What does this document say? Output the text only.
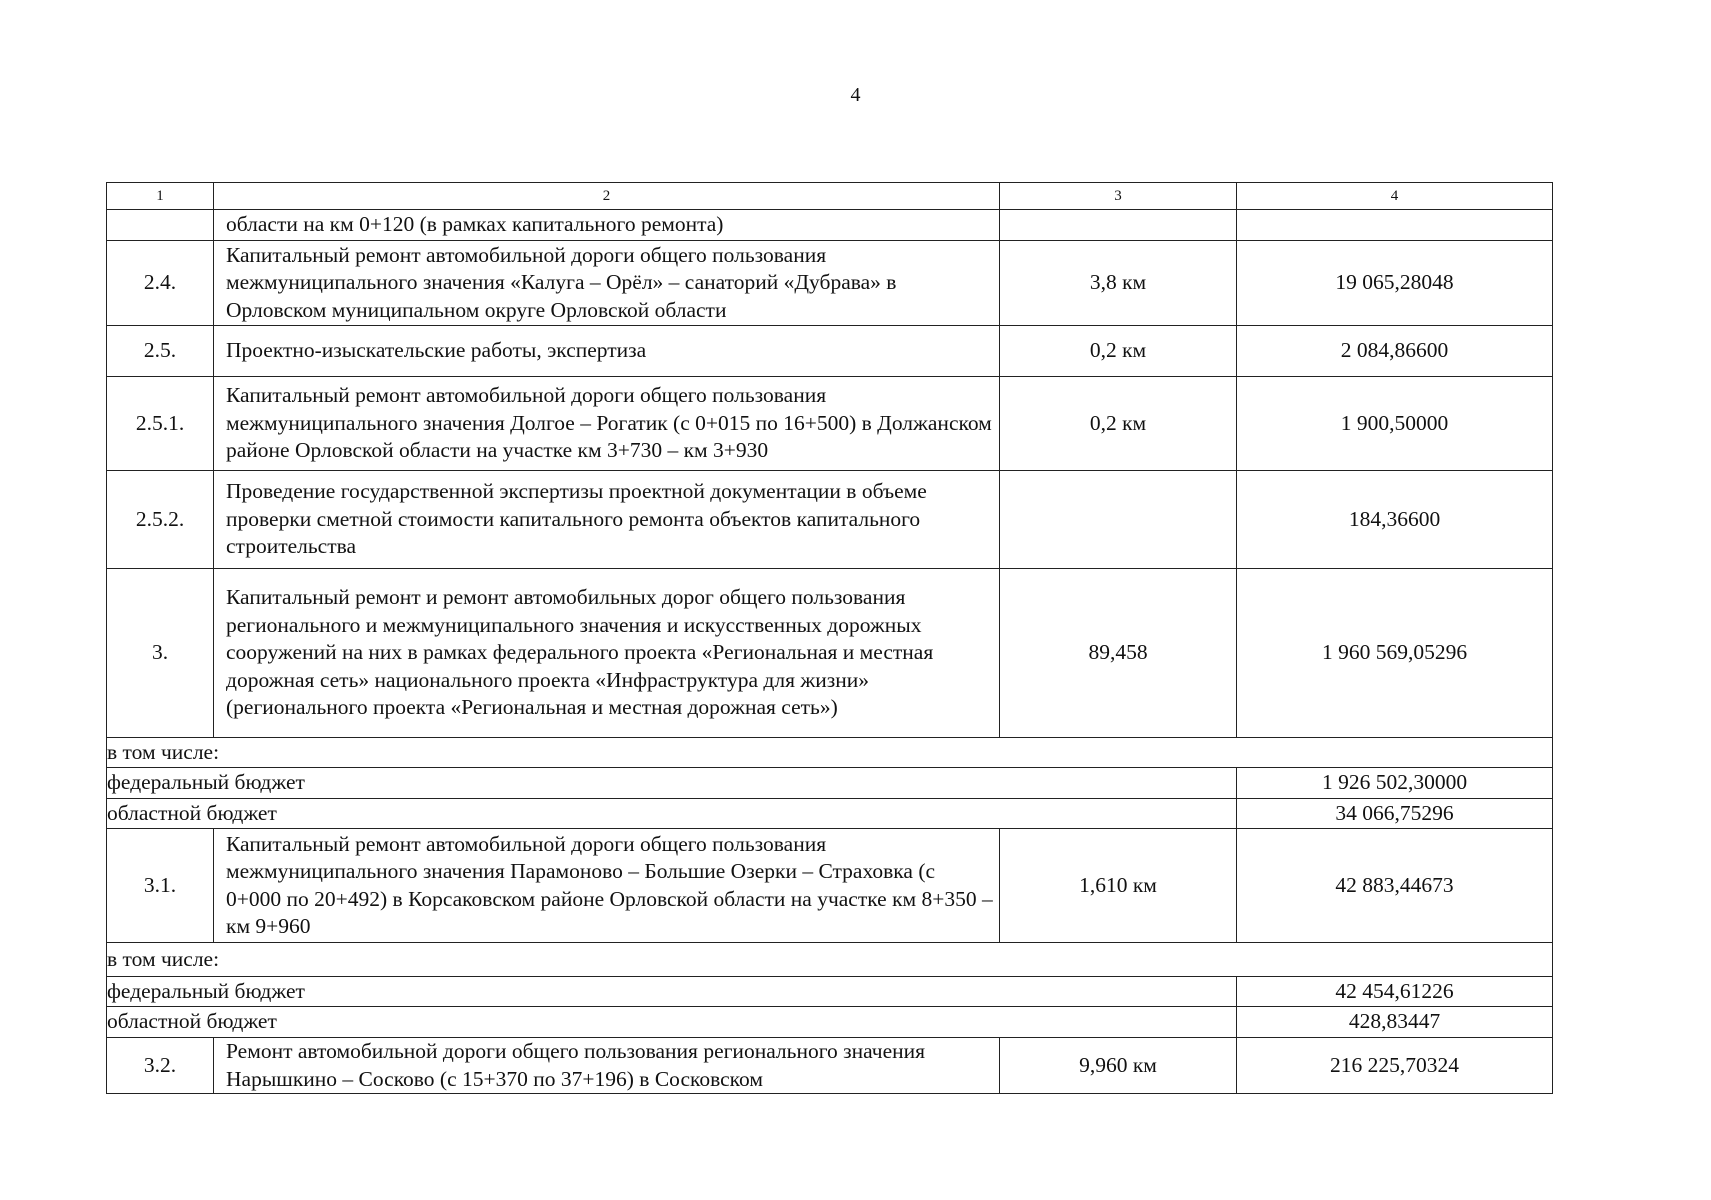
4
1	2	3	4
	области на км 0+120 (в рамках капитального ремонта)		
2.4.	Капитальный ремонт автомобильной дороги общего пользования межмуниципального значения «Калуга – Орёл» – санаторий «Дубрава» в Орловском муниципальном округе Орловской области	3,8 км	19 065,28048
2.5.	Проектно-изыскательские работы, экспертиза	0,2 км	2 084,86600
2.5.1.	Капитальный ремонт автомобильной дороги общего пользования межмуниципального значения Долгое – Рогатик (с 0+015 по 16+500) в Должанском районе Орловской области на участке км 3+730 – км 3+930	0,2 км	1 900,50000
2.5.2.	Проведение государственной экспертизы проектной документации в объеме проверки сметной стоимости капитального ремонта объектов капитального строительства		184,36600
3.	Капитальный ремонт и ремонт автомобильных дорог общего пользования регионального и межмуниципального значения и искусственных дорожных сооружений на них в рамках федерального проекта «Региональная и местная дорожная сеть» национального проекта «Инфраструктура для жизни» (регионального проекта «Региональная и местная дорожная сеть»)	89,458	1 960 569,05296
в том числе:			
федеральный бюджет			1 926 502,30000
областной бюджет			34 066,75296
3.1.	Капитальный ремонт автомобильной дороги общего пользования межмуниципального значения Парамоново – Большие Озерки – Страховка (с 0+000 по 20+492) в Корсаковском районе Орловской области на участке км 8+350 – км 9+960	1,610 км	42 883,44673
в том числе:			
федеральный бюджет			42 454,61226
областной бюджет			428,83447
3.2.	Ремонт автомобильной дороги общего пользования регионального значения Нарышкино – Сосково (с 15+370 по 37+196) в Сосковском	9,960 км	216 225,70324
